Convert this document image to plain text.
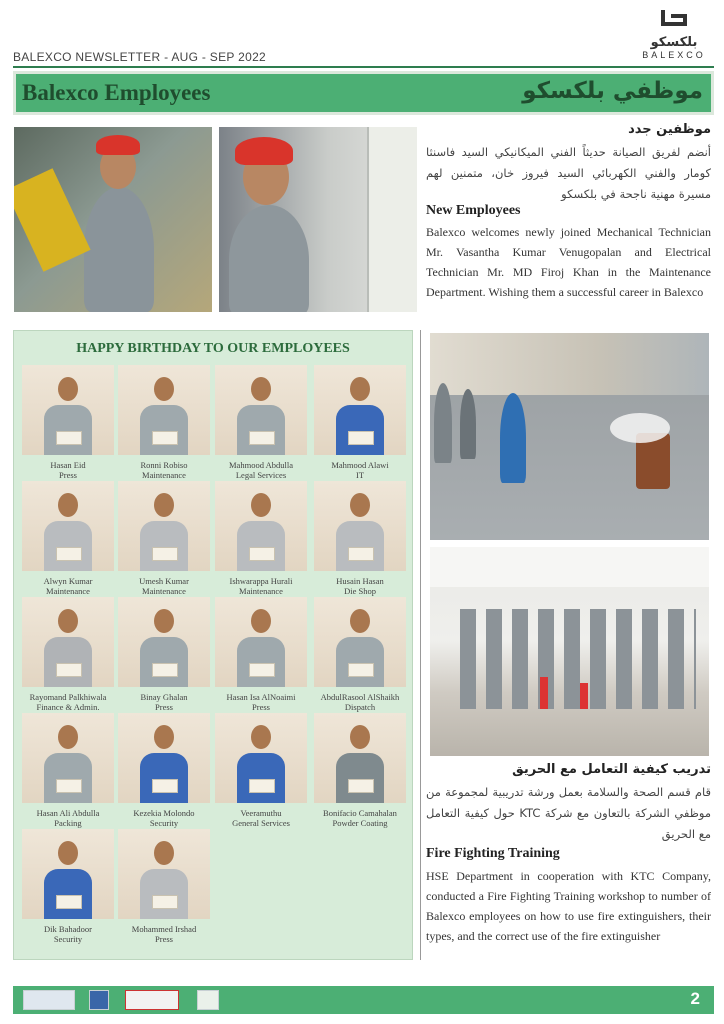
BALEXCO NEWSLETTER - AUG - SEP 2022
بلكسكو
BALEXCO
Balexco Employees	موظفي بلكسكو
موظفين جدد
أنضم لفريق الصيانة حديثاً الفني الميكانيكي السيد فاسنثا كومار والفني الكهربائي السيد فيروز خان، متمنين لهم مسيرة مهنية ناجحة في بلكسكو
New Employees
Balexco welcomes newly joined Mechanical Technician Mr. Vasantha Kumar Venugopalan and Electrical Technician Mr. MD Firoj Khan in the Maintenance Department. Wishing them a successful career in Balexco
HAPPY BIRTHDAY TO OUR EMPLOYEES
Hasan Eid
Press
Ronni Robiso
Maintenance
Mahmood Abdulla
Legal Services
Mahmood Alawi
IT
Alwyn Kumar
Maintenance
Umesh Kumar
Maintenance
Ishwarappa Hurali
Maintenance
Husain Hasan
Die Shop
Rayomand Palkhiwala
Finance & Admin.
Binay Ghalan
Press
Hasan Isa AlNoaimi
Press
AbdulRasool AlShaikh
Dispatch
Hasan Ali Abdulla
Packing
Kezekia Molondo
Security
Veeramuthu
General Services
Bonifacio Camahalan
Powder Coating
Dik Bahadoor
Security
Mohammed Irshad
Press
تدريب كيفية التعامل مع الحريق
قام قسم الصحة والسلامة بعمل ورشة تدريبية لمجموعة من موظفي الشركة بالتعاون مع شركة KTC حول كيفية التعامل مع الحريق
Fire Fighting Training
HSE Department in cooperation with KTC Company, conducted a Fire Fighting Training workshop to number of Balexco employees on how to use fire extinguishers, their types, and the correct use of the fire extinguisher
2
